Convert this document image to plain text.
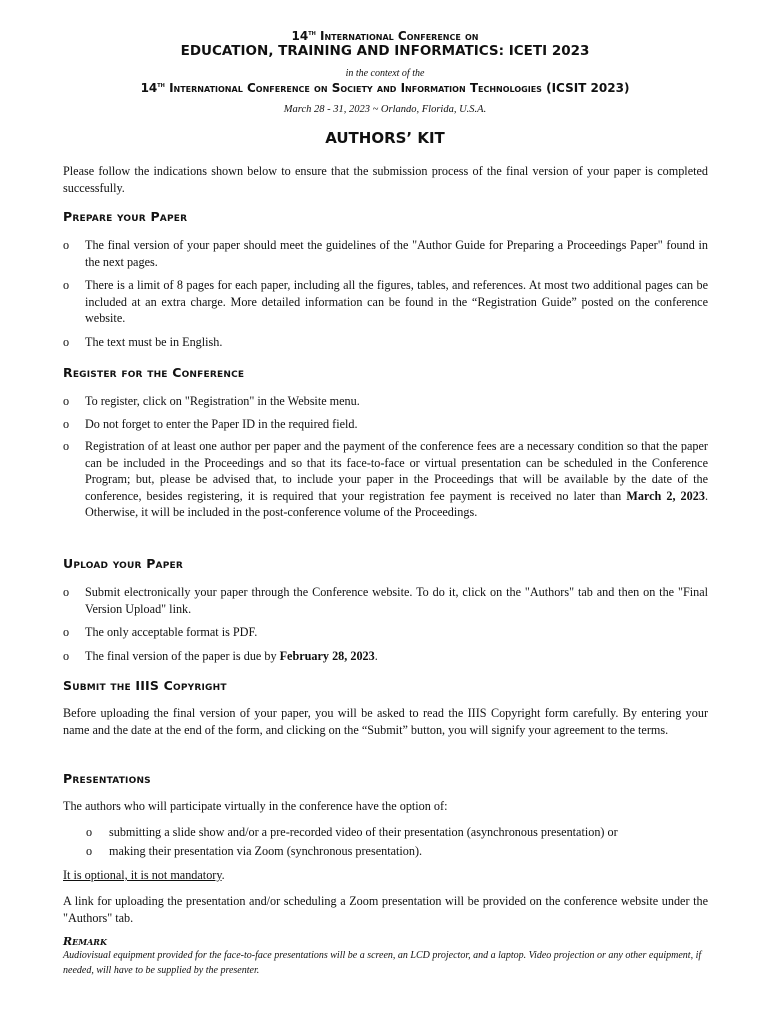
14th International Conference on
EDUCATION, TRAINING AND INFORMATICS: ICETI 2023
in the context of the
14th International Conference on Society and Information Technologies (ICSIT 2023)
March 28 - 31, 2023 ~ Orlando, Florida, U.S.A.
AUTHORS’ KIT
Please follow the indications shown below to ensure that the submission process of the final version of your paper is completed successfully.
Prepare your Paper
o The final version of your paper should meet the guidelines of the "Author Guide for Preparing a Proceedings Paper" found in the next pages.
o There is a limit of 8 pages for each paper, including all the figures, tables, and references. At most two additional pages can be included at an extra charge. More detailed information can be found in the “Registration Guide” posted on the conference website.
o The text must be in English.
Register for the Conference
o To register, click on "Registration" in the Website menu.
o Do not forget to enter the Paper ID in the required field.
o Registration of at least one author per paper and the payment of the conference fees are a necessary condition so that the paper can be included in the Proceedings and so that its face-to-face or virtual presentation can be scheduled in the Conference Program; but, please be advised that, to include your paper in the Proceedings that will be available by the date of the conference, besides registering, it is required that your registration fee payment is received no later than March 2, 2023. Otherwise, it will be included in the post-conference volume of the Proceedings.
Upload your Paper
o Submit electronically your paper through the Conference website. To do it, click on the "Authors" tab and then on the "Final Version Upload" link.
o The only acceptable format is PDF.
o The final version of the paper is due by February 28, 2023.
Submit the IIIS Copyright
Before uploading the final version of your paper, you will be asked to read the IIIS Copyright form carefully. By entering your name and the date at the end of the form, and clicking on the “Submit” button, you will signify your agreement to the terms.
Presentations
The authors who will participate virtually in the conference have the option of:
o submitting a slide show and/or a pre-recorded video of their presentation (asynchronous presentation) or
o making their presentation via Zoom (synchronous presentation).
It is optional, it is not mandatory.
A link for uploading the presentation and/or scheduling a Zoom presentation will be provided on the conference website under the "Authors" tab.
Remark
Audiovisual equipment provided for the face-to-face presentations will be a screen, an LCD projector, and a laptop. Video projection or any other equipment, if needed, will have to be supplied by the presenter.
